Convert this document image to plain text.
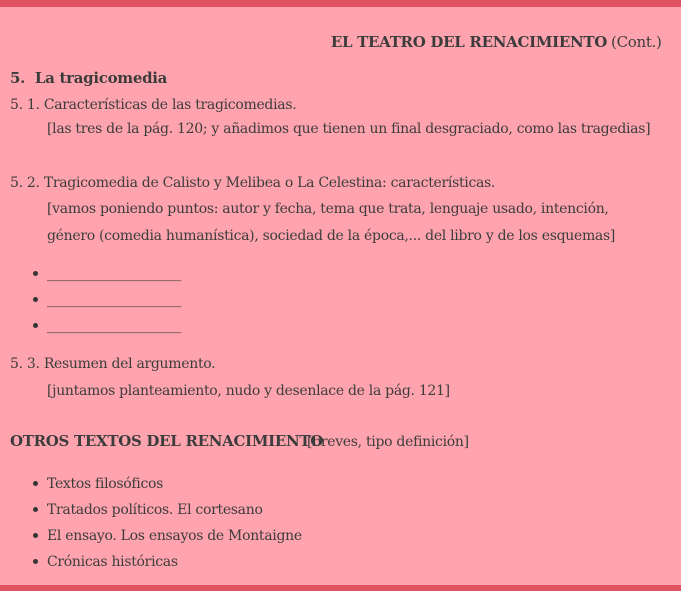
EL TEATRO DEL RENACIMIENTO (Cont.)

5.  La tragicomedia
5. 1. Características de las tragicomedias.
[las tres de la pág. 120; y añadimos que tienen un final desgraciado, como las tragedias]
5. 2. Tragicomedia de Calisto y Melibea o La Celestina: características.
[vamos poniendo puntos: autor y fecha, tema que trata, lenguaje usado, intención,
género (comedia humanística), sociedad de la época,... del libro y de los esquemas]
____________________
____________________
____________________
5. 3. Resumen del argumento.
[juntamos planteamiento, nudo y desenlace de la pág. 121]
OTROS TEXTOS DEL RENACIMIENTO
[breves, tipo definición]
Textos filosóficos
Tratados políticos. El cortesano
El ensayo. Los ensayos de Montaigne
Crónicas históricas
